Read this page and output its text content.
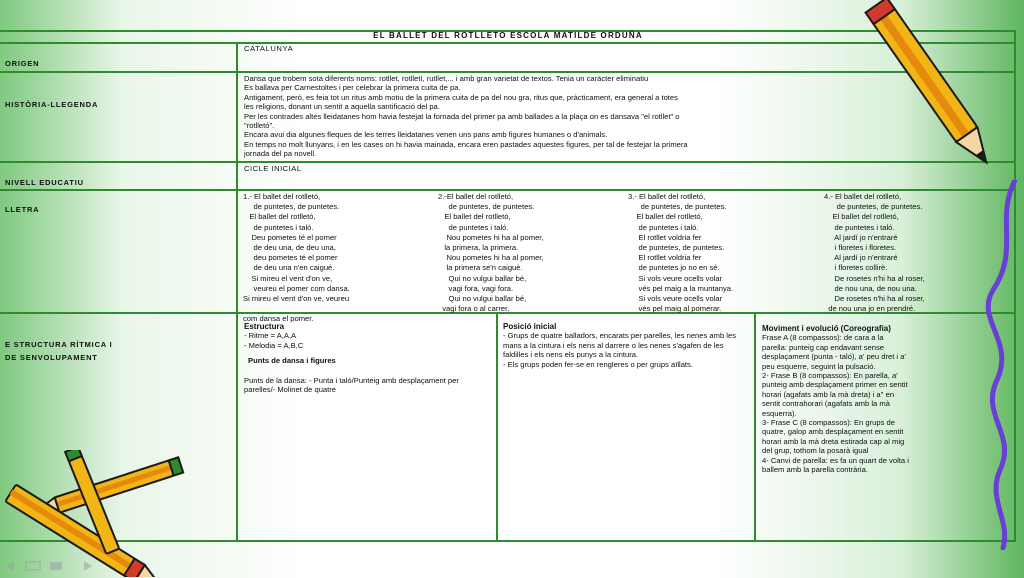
EL BALLET DEL ROTLLETO ESCOLA MATILDE ORDUÑA
ORIGEN
CATALUNYA
HISTÒRIA-LLEGENDA
Dansa que trobem sota diferents noms: rotllet, rotlletí, rutllet,... i amb gran varietat de textos. Tenia un caràcter eliminatiu
Es ballava per Carnestoltes i per celebrar la primera cuita de pa.
Antigament, però, es feia tot un ritus amb motiu de la primera cuita de pa del nou gra, ritus que, pràcticament, era general a totes
les religions, donant un sentit a aquella santificació del pa.
Per les contrades altes lleidatanes hom havia festejat la fornada del primer pa amb ballades a la plaça on es dansava "el rotllet" o
"rotlletó".
Encara avui dia algunes fleques de les terres lleidatanes venen uns pans amb figures humanes o d'animals.
En temps no molt llunyans, i en les cases on hi havia mainada, encara eren pastades aquestes figures, per tal de festejar la primera
jornada del pa novell.
NIVELL EDUCATIU
CICLE INICIAL
LLETRA
1.- El ballet del rotlletó,
de puntetes, de puntetes.
El ballet del rotlletó,
de puntetes i taló.
Deu pometes té el pomer
de deu una, de deu una,
deu pometes té el pomer
de deu una n'en caigué.
Si mireu el vent d'on ve,
veureu el pomer com dansa.
Si mireu el vent d'on ve, veureu

com dansa el pomer.
2.-El ballet del rotlletó,
de puntetes, de puntetes.
El ballet del rotlletó,
de puntetes i taló.
Nou pometes hi ha al pomer,
la primera, la primera.
Nou pometes hi ha al pomer,
la primera se'n caiguè.
Qui no vulgui ballar bé,
vagi fora, vagi fora.
Qui no vulgui ballar bé,
vagi fora o al carrer.
3.- El ballet del rotlletó,
de puntetes, de puntetes.
El ballet del rotlletó,
de puntetes i taló.
El rotllet voldria fer
de puntetes, de puntetes.
El rotllet voldria fer
de puntetes jo no en sé.
Si vols veure ocells volar
vés pel maig a la muntanya.
Si vols veure ocells volar
vés pel maig al pomerar.
4.- El ballet del rotlletó,
de puntetes, de puntetes.
El ballet del rotlletó,
de puntetes i taló.
Al jardí jo n'entraré
i floretes i floretes.
Al jardí jo n'entraré
i floretes collirè.
De rosetes n'hi ha al roser,
de nou una, de nou una.
De rosetes n'hi ha al roser,
de nou una jo en prendré.
E STRUCTURA RÍTMICA I
DE SENVOLUPAMENT
Estructura
- Ritme = A,A,A
- Melodia = A,B,C
Punts de dansa i figures
Punts de la dansa: - Punta i taló/Punteig amb desplaçament per parelles/- Molinet de quatre
Posició inicial
- Grups de quatre balladors, encarats per parelles, les nenes amb les mans a la cintura i els nens al darrere o les nenes s'agafen de les faldilles i els nens els punys a la cintura.
- Els grups poden fer-se en rengleres o per grups aïllats.
Moviment i evolució (Coreografia)
Frase A (8 compassos): de cara a la
parella: punteig cap endavant sense
desplaçament (punta - taló), a' peu dret i a'
peu esquerre, seguint la pulsació.
2- Frase B (8 compassos): En parella, a'
punteig amb desplaçament primer en sentit
horari (agafats amb la mà dreta) i a'' en
sentit contrahorari (agafats amb la mà
esquerra).
3- Frase C (8 compassos): En grups de
quatre, galop amb desplaçament en sentit
horari amb la mà dreta estirada cap al mig
del grup, tothom la posarà igual
4- Canvi de parella: es fa un quart de volta i
ballem amb la parella contrària.
